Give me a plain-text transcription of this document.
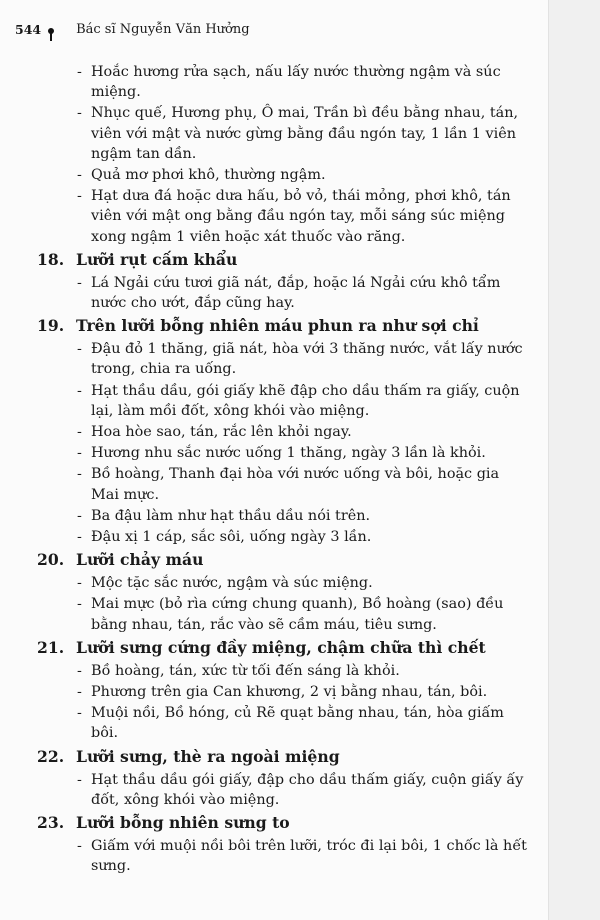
544	Bác sĩ Nguyễn Văn Hưởng
- Hoắc hương rửa sạch, nấu lấy nước thường ngậm và súc miệng.
- Nhục quế, Hương phụ, Ô mai, Trần bì đều bằng nhau, tán, viên với mật và nước gừng bằng đầu ngón tay, 1 lần 1 viên ngậm tan dần.
- Quả mơ phơi khô, thường ngậm.
- Hạt dưa đá hoặc dưa hấu, bỏ vỏ, thái mỏng, phơi khô, tán viên với mật ong bằng đầu ngón tay, mỗi sáng súc miệng xong ngậm 1 viên hoặc xát thuốc vào răng.
18. Lưỡi rụt cấm khẩu
- Lá Ngải cứu tươi giã nát, đắp, hoặc lá Ngải cứu khô tẩm nước cho ướt, đắp cũng hay.
19. Trên lưỡi bỗng nhiên máu phun ra như sợi chỉ
- Đậu đỏ 1 thăng, giã nát, hòa với 3 thăng nước, vắt lấy nước trong, chia ra uống.
- Hạt thầu dầu, gói giấy khẽ đập cho dầu thấm ra giấy, cuộn lại, làm mồi đốt, xông khói vào miệng.
- Hoa hòe sao, tán, rắc lên khỏi ngay.
- Hương nhu sắc nước uống 1 thăng, ngày 3 lần là khỏi.
- Bồ hoàng, Thanh đại hòa với nước uống và bôi, hoặc gia Mai mực.
- Ba đậu làm như hạt thầu dầu nói trên.
- Đậu xị 1 cáp, sắc sôi, uống ngày 3 lần.
20. Lưỡi chảy máu
- Mộc tặc sắc nước, ngậm và súc miệng.
- Mai mực (bỏ rìa cứng chung quanh), Bồ hoàng (sao) đều bằng nhau, tán, rắc vào sẽ cầm máu, tiêu sưng.
21. Lưỡi sưng cứng đầy miệng, chậm chữa thì chết
- Bồ hoàng, tán, xức từ tối đến sáng là khỏi.
- Phương trên gia Can khương, 2 vị bằng nhau, tán, bôi.
- Muội nồi, Bồ hóng, củ Rẽ quạt bằng nhau, tán, hòa giấm bôi.
22. Lưỡi sưng, thè ra ngoài miệng
- Hạt thầu dầu gói giấy, đập cho dầu thấm giấy, cuộn giấy ấy đốt, xông khói vào miệng.
23. Lưỡi bỗng nhiên sưng to
- Giấm với muội nồi bôi trên lưỡi, tróc đi lại bôi, 1 chốc là hết sưng.
